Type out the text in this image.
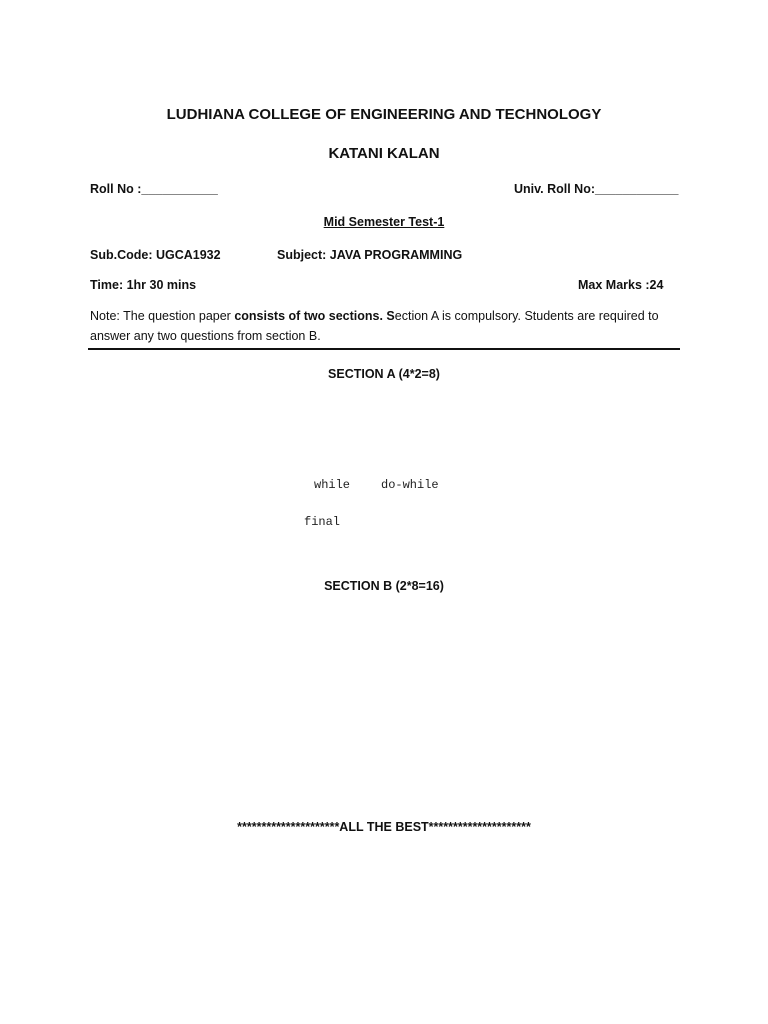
LUDHIANA COLLEGE OF ENGINEERING AND TECHNOLOGY
KATANI KALAN
Roll No :___________	Univ. Roll No:____________
Mid Semester Test-1
Sub.Code: UGCA1932	Subject: JAVA PROGRAMMING
Time: 1hr 30 mins	Max Marks :24
Note: The question paper consists of two sections. Section A is compulsory. Students are required to answer any two questions from section B.
SECTION A (4*2=8)
while	do-while
final
SECTION B (2*8=16)
*********************ALL THE BEST*********************
